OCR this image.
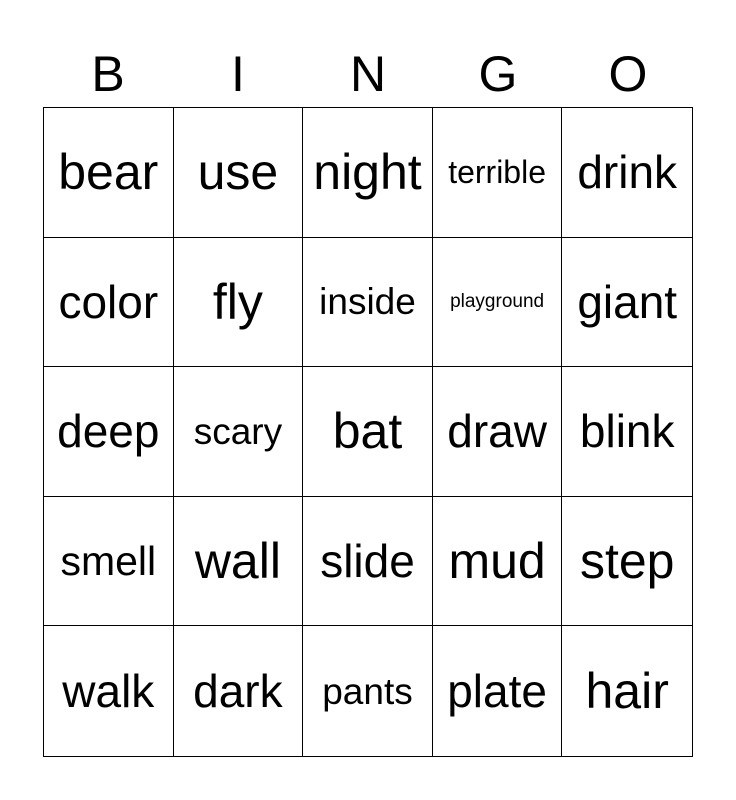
B	I	N	G	O
bear use night terrible drink
color	fly	inside	playground giant
deep scary	bat draw blink
smell wall slide mud step
walk dark	pants plate hair
